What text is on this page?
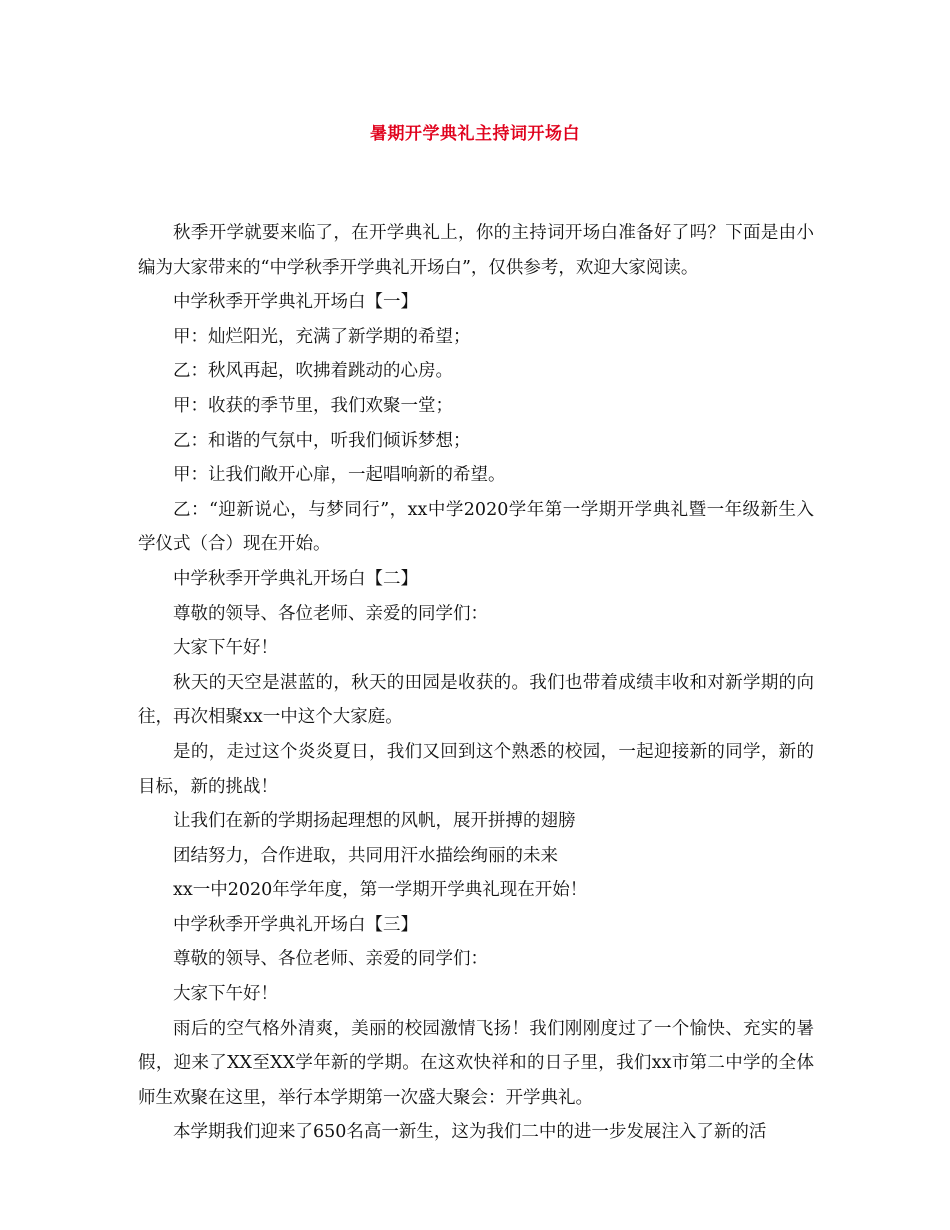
暑期开学典礼主持词开场白

秋季开学就要来临了，在开学典礼上，你的主持词开场白准备好了吗？下面是由小编为大家带来的“中学秋季开学典礼开场白”，仅供参考，欢迎大家阅读。

中学秋季开学典礼开场白【一】

甲：灿烂阳光，充满了新学期的希望；

乙：秋风再起，吹拂着跳动的心房。

甲：收获的季节里，我们欢聚一堂；

乙：和谐的气氛中，听我们倾诉梦想；

甲：让我们敞开心扉，一起唱响新的希望。

乙：“迎新说心，与梦同行”，xx中学2020学年第一学期开学典礼暨一年级新生入学仪式（合）现在开始。

中学秋季开学典礼开场白【二】

尊敬的领导、各位老师、亲爱的同学们：

大家下午好！

秋天的天空是湛蓝的，秋天的田园是收获的。我们也带着成绩丰收和对新学期的向往，再次相聚xx一中这个大家庭。

是的，走过这个炎炎夏日，我们又回到这个熟悉的校园，一起迎接新的同学，新的目标，新的挑战！

让我们在新的学期扬起理想的风帆，展开拼搏的翅膀

团结努力，合作进取，共同用汗水描绘绚丽的未来

xx一中2020年学年度，第一学期开学典礼现在开始！

中学秋季开学典礼开场白【三】

尊敬的领导、各位老师、亲爱的同学们：

大家下午好！

雨后的空气格外清爽，美丽的校园激情飞扬！我们刚刚度过了一个愉快、充实的暑假，迎来了XX至XX学年新的学期。在这欢快祥和的日子里，我们xx市第二中学的全体师生欢聚在这里，举行本学期第一次盛大聚会：开学典礼。

本学期我们迎来了650名高一新生，这为我们二中的进一步发展注入了新的活
